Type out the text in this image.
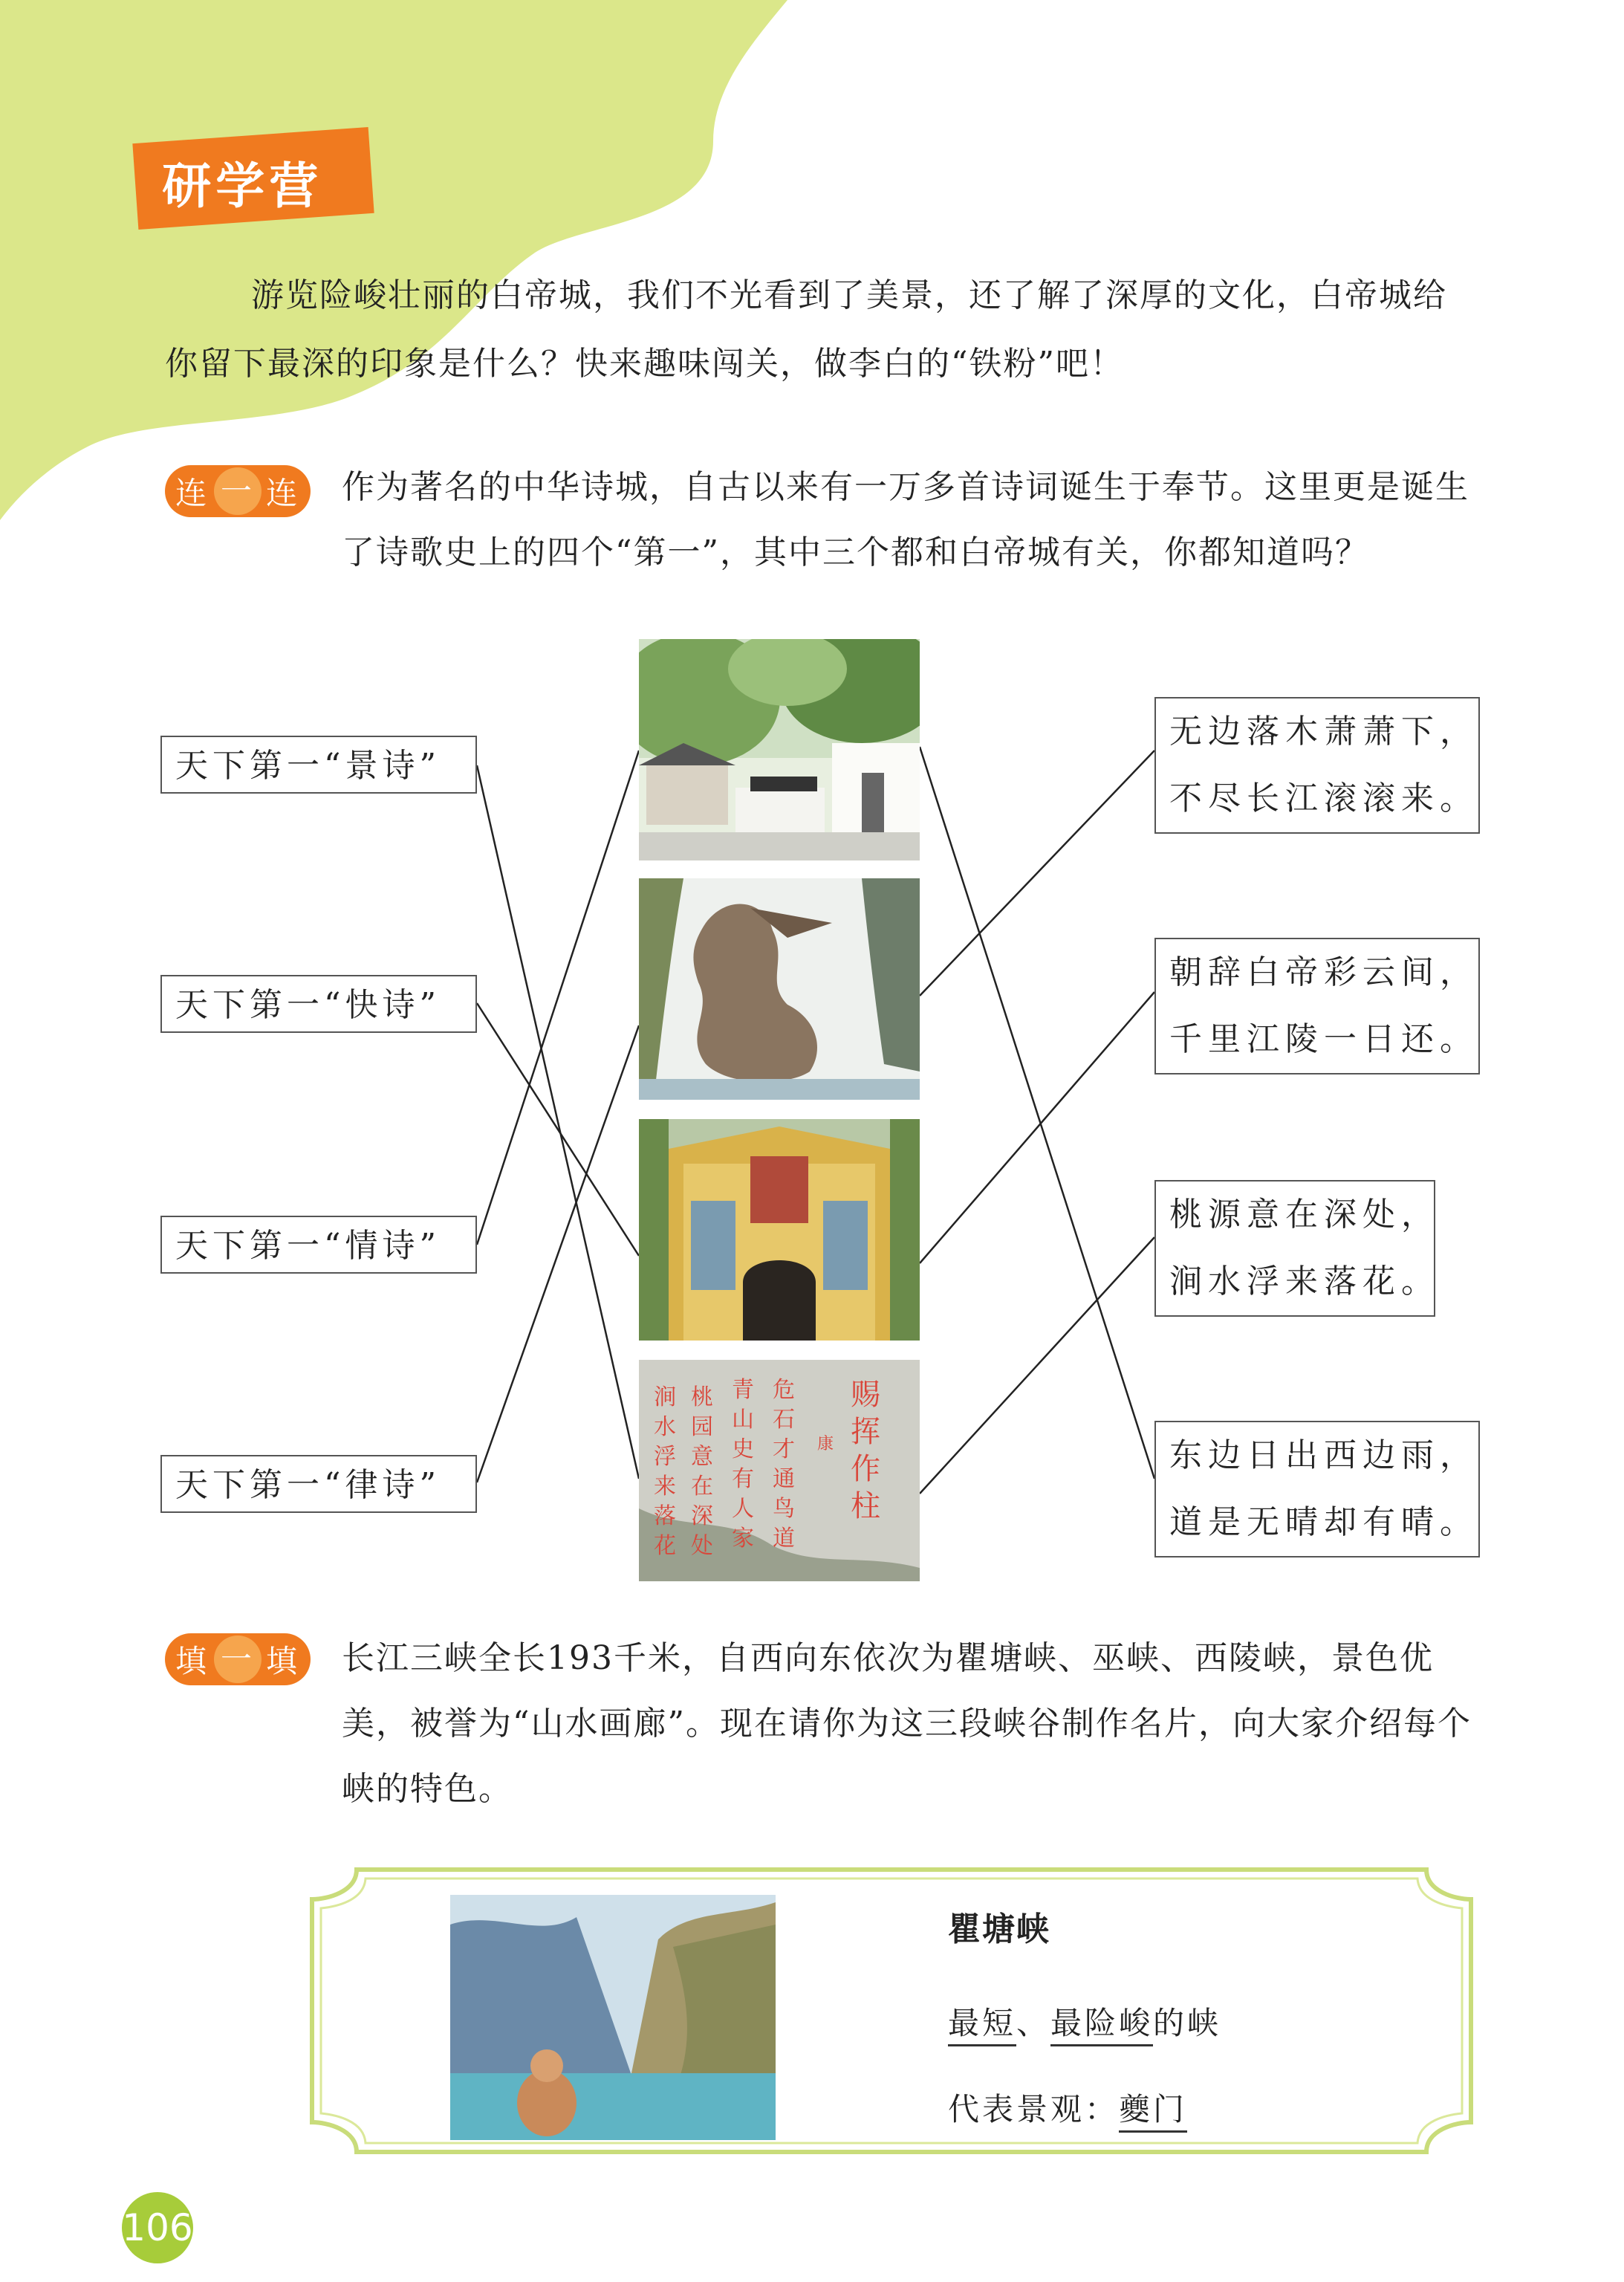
研学营

游览险峻壮丽的白帝城，我们不光看到了美景，还了解了深厚的文化，白帝城给你留下最深的印象是什么？快来趣味闯关，做李白的“铁粉”吧！

连 一 连 作为著名的中华诗城，自古以来有一万多首诗词诞生于奉节。这里更是诞生了诗歌史上的四个“第一”，其中三个都和白帝城有关，你都知道吗？

天下第一“景诗”
天下第一“快诗”
天下第一“情诗”
天下第一“律诗”
涧
水
浮
来
落
花
桃
园
意
在
深
处
青
山
史
有
人
家
危
石
才
通
鸟
道
赐
挥
作
柱
康
无边落木萧萧下，
不尽长江滚滚来。
朝辞白帝彩云间，
千里江陵一日还。
桃源意在深处，
涧水浮来落花。
东边日出西边雨，
道是无晴却有晴。
填 一 填 长江三峡全长193千米，自西向东依次为瞿塘峡、巫峡、西陵峡，景色优美，被誉为“山水画廊”。现在请你为这三段峡谷制作名片，向大家介绍每个峡的特色。

瞿塘峡
最短、最险峻的峡
代表景观：夔门
106
